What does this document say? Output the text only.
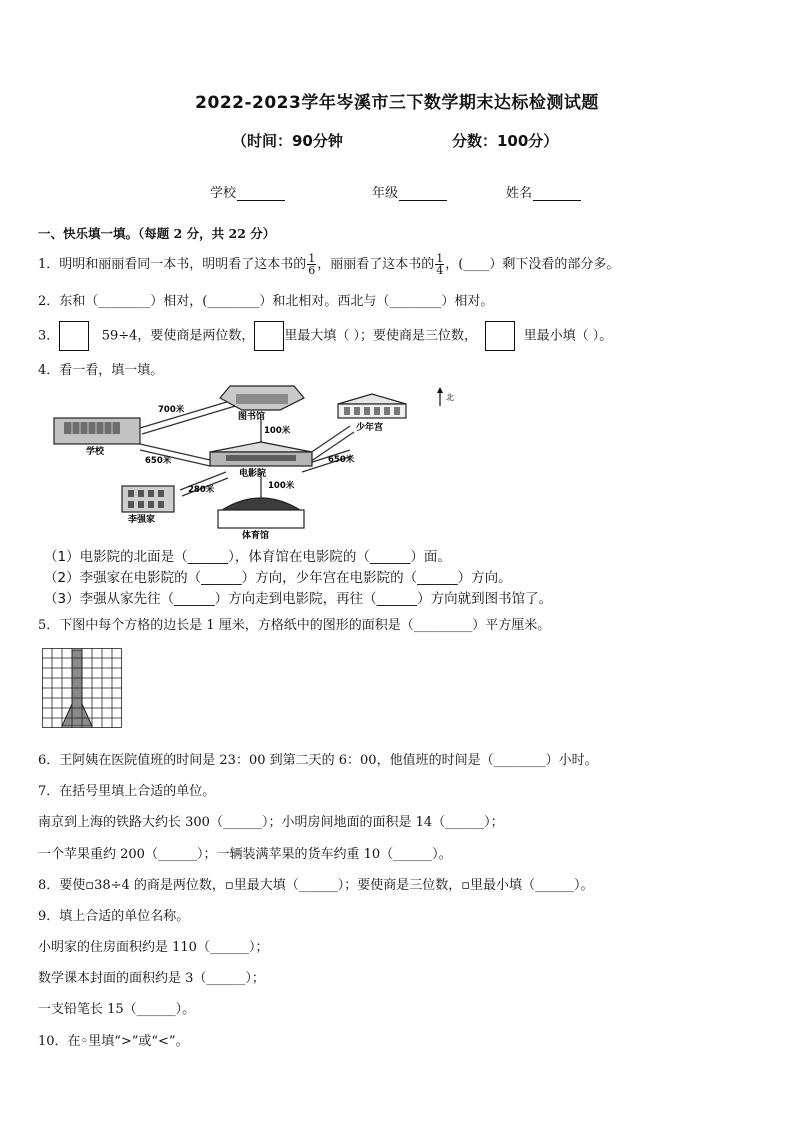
2022-2023学年岑溪市三下数学期末达标检测试题
（时间：90分钟	分数：100分）
学校	年级	姓名
一、快乐填一填。（每题 2 分，共 22 分）
1．明明和丽丽看同一本书，明明看了这本书的 $\frac{1}{6}$ ，丽丽看了这本书的 $\frac{1}{4}$ ，(____）剩下没看的部分多。
2．东和（________）相对，(________）和北相对。西北与（________）相对。
3．	59÷4，要使商是两位数， 里最大填（ ）；要使商是三位数，	里最小填（ ）。
4．看一看，填一填。
北
图书馆
学校
少年宫
电影院
李强家
体育馆
700米
100米
650米	650米
280米	100米
（1）电影院的北面是（______），体育馆在电影院的（______）面。
（2）李强家在电影院的（______）方向，少年宫在电影院的（______）方向。
（3）李强从家先往（______）方向走到电影院，再往（______）方向就到图书馆了。
5．下图中每个方格的边长是 1 厘米，方格纸中的图形的面积是（_________）平方厘米。
6．王阿姨在医院值班的时间是 23：00 到第二天的 6：00，他值班的时间是（________）小时。
7．在括号里填上合适的单位。
南京到上海的铁路大约长 300（______）；小明房间地面的面积是 14（______）；
一个苹果重约 200（______）；一辆装满苹果的货车约重 10（______）。
8．要使▫38÷4 的商是两位数，▫里最大填（______）；要使商是三位数，▫里最小填（______）。
9．填上合适的单位名称。
小明家的住房面积约是 110（______）；
数学课本封面的面积约是 3（______）；
一支铅笔长 15（______）。
10．在◦里填“>”或“<”。
